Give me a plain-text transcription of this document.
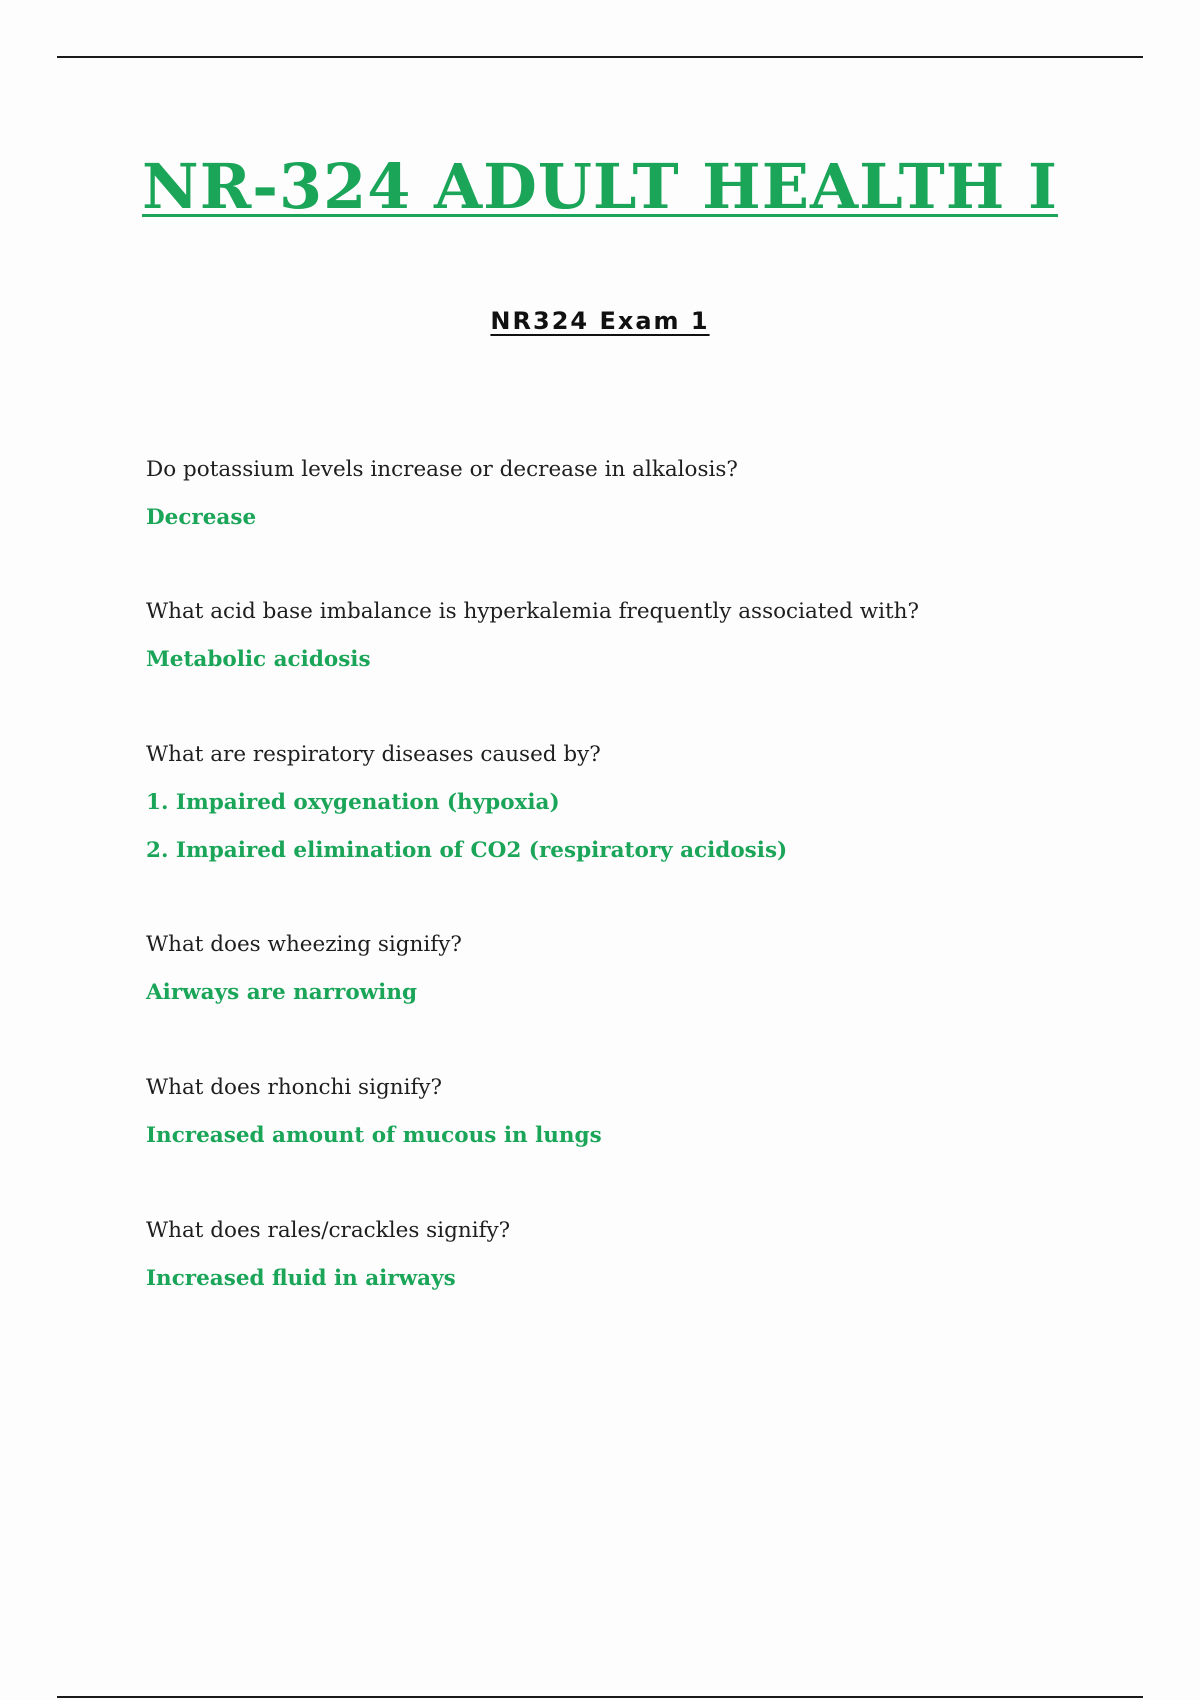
NR-324 ADULT HEALTH I
NR324 Exam 1

Do potassium levels increase or decrease in alkalosis?

Decrease

What acid base imbalance is hyperkalemia frequently associated with?

Metabolic acidosis

What are respiratory diseases caused by?

1. Impaired oxygenation (hypoxia)

2. Impaired elimination of CO2 (respiratory acidosis)

What does wheezing signify?

Airways are narrowing

What does rhonchi signify?

Increased amount of mucous in lungs

What does rales/crackles signify?

Increased fluid in airways
